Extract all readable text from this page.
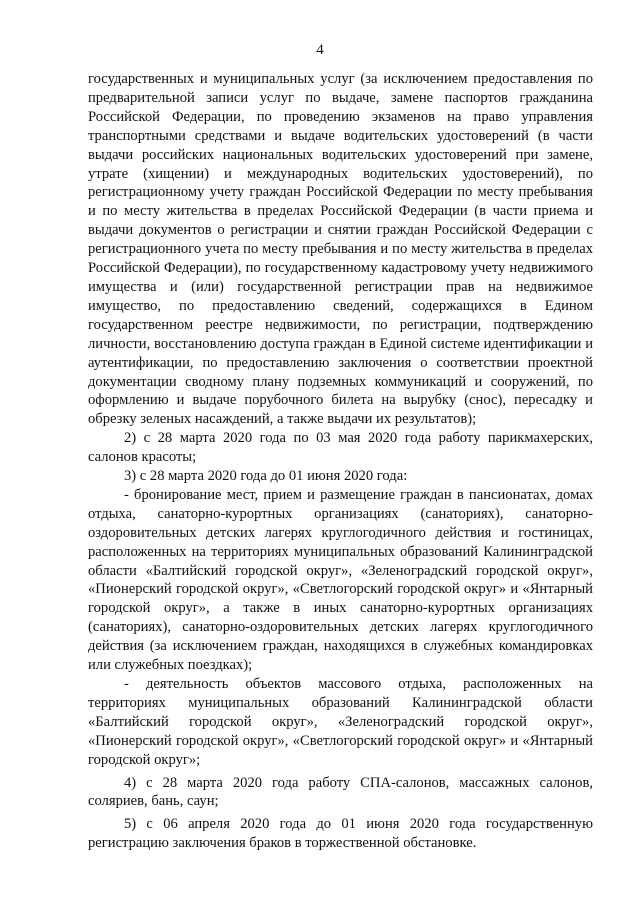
4

государственных и муниципальных услуг (за исключением предоставления по предварительной записи услуг по выдаче, замене паспортов гражданина Российской Федерации, по проведению экзаменов на право управления транспортными средствами и выдаче водительских удостоверений (в части выдачи российских национальных водительских удостоверений при замене, утрате (хищении) и международных водительских удостоверений), по регистрационному учету граждан Российской Федерации по месту пребывания и по месту жительства в пределах Российской Федерации (в части приема и выдачи документов о регистрации и снятии граждан Российской Федерации с регистрационного учета по месту пребывания и по месту жительства в пределах Российской Федерации), по государственному кадастровому учету недвижимого имущества и (или) государственной регистрации прав на недвижимое имущество, по предоставлению сведений, содержащихся в Едином государственном реестре недвижимости, по регистрации, подтверждению личности, восстановлению доступа граждан в Единой системе идентификации и аутентификации, по предоставлению заключения о соответствии проектной документации сводному плану подземных коммуникаций и сооружений, по оформлению и выдаче порубочного билета на вырубку (снос), пересадку и обрезку зеленых насаждений, а также выдачи их результатов);

2) с 28 марта 2020 года по 03 мая 2020 года работу парикмахерских, салонов красоты;

3) с 28 марта 2020 года до 01 июня 2020 года:

- бронирование мест, прием и размещение граждан в пансионатах, домах отдыха, санаторно-курортных организациях (санаториях), санаторно-оздоровительных детских лагерях круглогодичного действия и гостиницах, расположенных на территориях муниципальных образований Калининградской области «Балтийский городской округ», «Зеленоградский городской округ», «Пионерский городской округ», «Светлогорский городской округ» и «Янтарный городской округ», а также в иных санаторно-курортных организациях (санаториях), санаторно-оздоровительных детских лагерях круглогодичного действия (за исключением граждан, находящихся в служебных командировках или служебных поездках);

- деятельность объектов массового отдыха, расположенных на территориях муниципальных образований Калининградской области «Балтийский городской округ», «Зеленоградский городской округ», «Пионерский городской округ», «Светлогорский городской округ» и «Янтарный городской округ»;

4) с 28 марта 2020 года работу СПА-салонов, массажных салонов, соляриев, бань, саун;

5) с 06 апреля 2020 года до 01 июня 2020 года государственную регистрацию заключения браков в торжественной обстановке.
